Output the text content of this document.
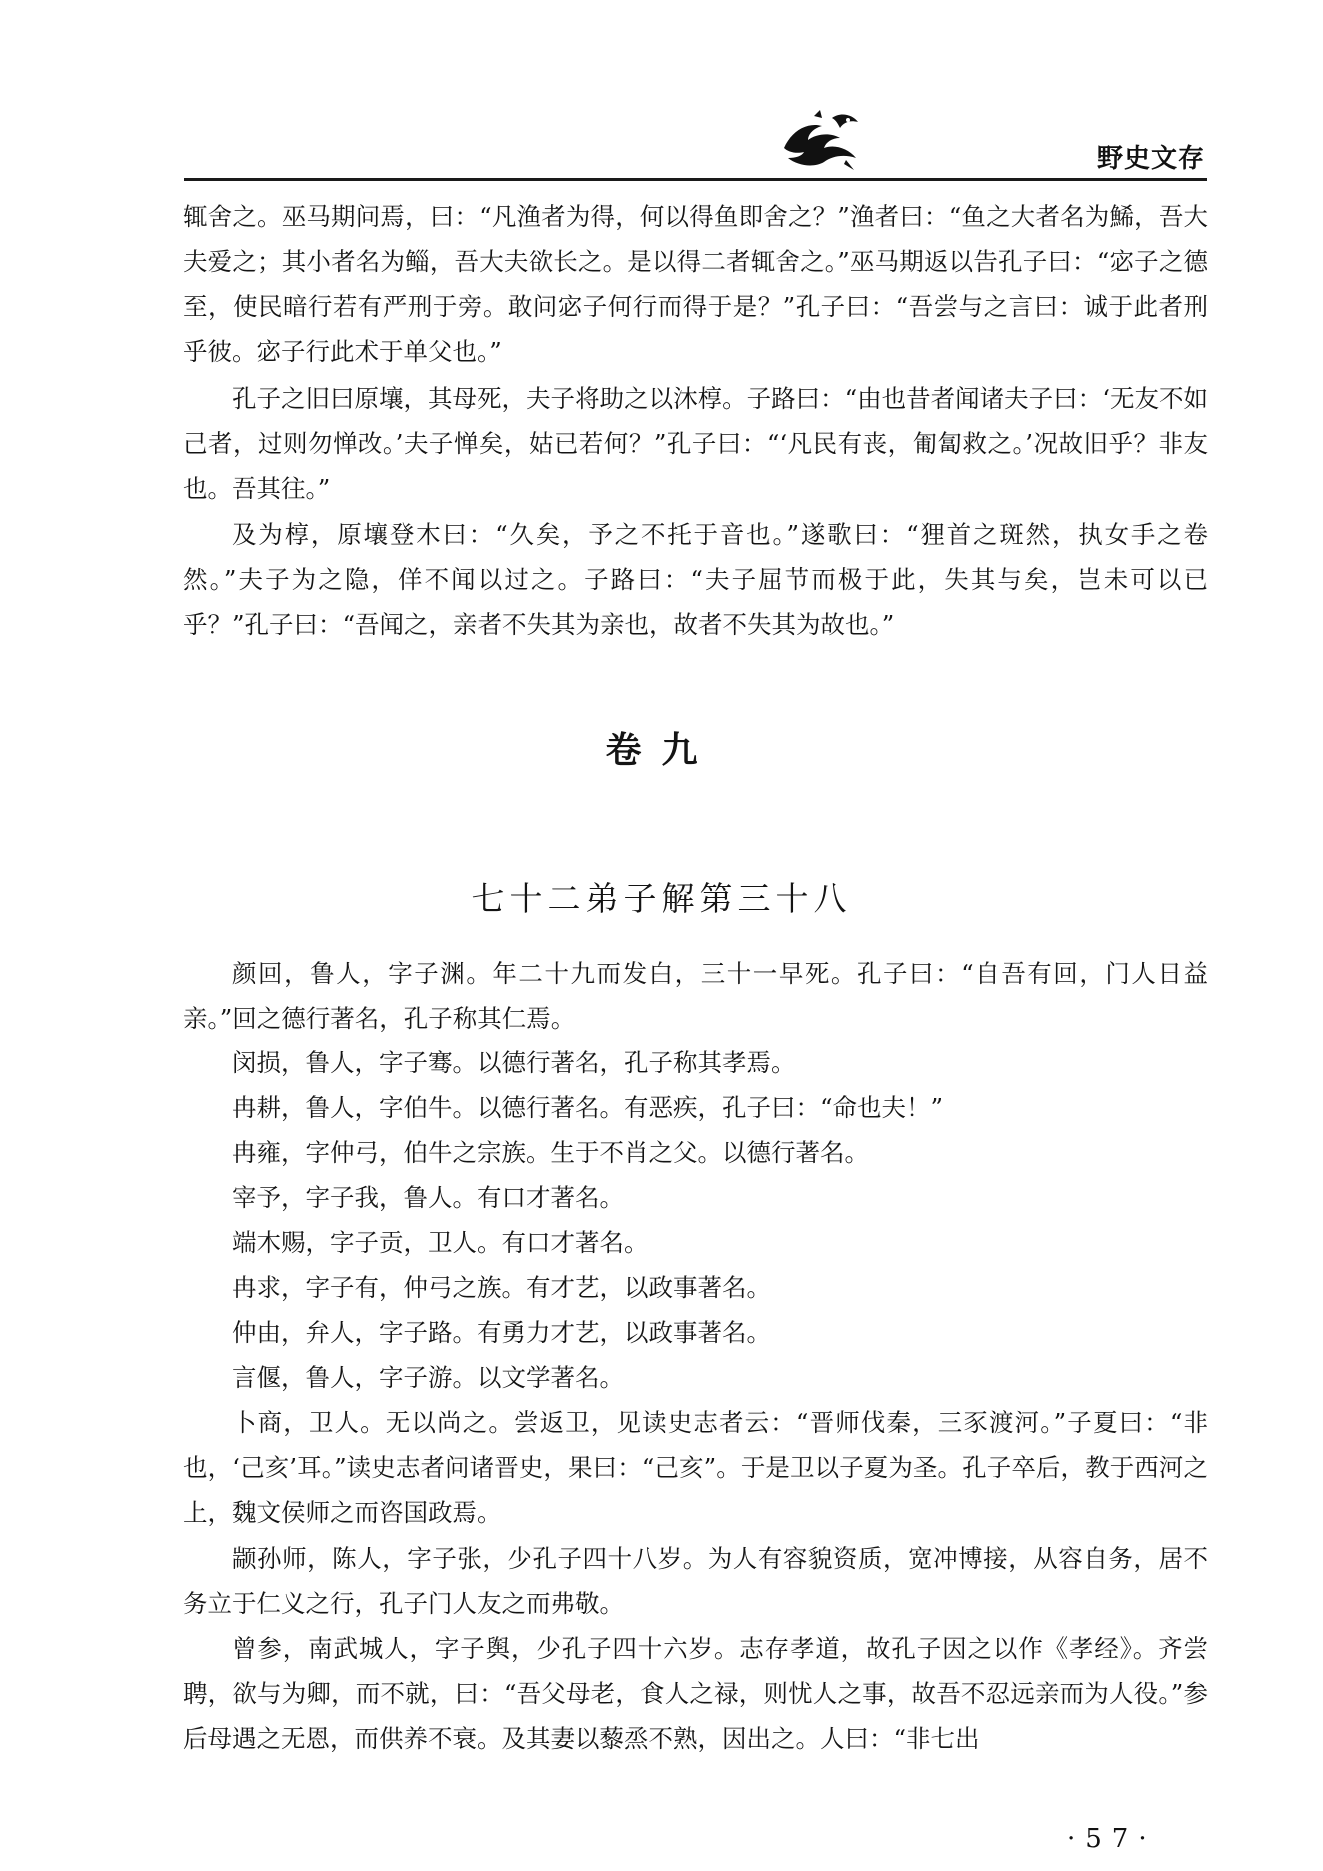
野史文存

辄舍之。巫马期问焉，曰：“凡渔者为得，何以得鱼即舍之？”渔者曰：“鱼之大者名为鯑，吾大夫爱之；其小者名为鲻，吾大夫欲长之。是以得二者辄舍之。”巫马期返以告孔子曰：“宓子之德至，使民暗行若有严刑于旁。敢问宓子何行而得于是？”孔子曰：“吾尝与之言曰：诚于此者刑乎彼。宓子行此术于单父也。”

孔子之旧曰原壤，其母死，夫子将助之以沐椁。子路曰：“由也昔者闻诸夫子曰：‘无友不如己者，过则勿惮改。’夫子惮矣，姑已若何？”孔子曰：“‘凡民有丧，匍匐救之。’况故旧乎？非友也。吾其往。”

及为椁，原壤登木曰：“久矣，予之不托于音也。”遂歌曰：“狸首之斑然，执女手之卷然。”夫子为之隐，佯不闻以过之。子路曰：“夫子屈节而极于此，失其与矣，岂未可以已乎？”孔子曰：“吾闻之，亲者不失其为亲也，故者不失其为故也。”

卷九
七十二弟子解第三十八

颜回，鲁人，字子渊。年二十九而发白，三十一早死。孔子曰：“自吾有回，门人日益亲。”回之德行著名，孔子称其仁焉。

闵损，鲁人，字子骞。以德行著名，孔子称其孝焉。

冉耕，鲁人，字伯牛。以德行著名。有恶疾，孔子曰：“命也夫！”

冉雍，字仲弓，伯牛之宗族。生于不肖之父。以德行著名。

宰予，字子我，鲁人。有口才著名。

端木赐，字子贡，卫人。有口才著名。

冉求，字子有，仲弓之族。有才艺，以政事著名。

仲由，弁人，字子路。有勇力才艺，以政事著名。

言偃，鲁人，字子游。以文学著名。

卜商，卫人。无以尚之。尝返卫，见读史志者云：“晋师伐秦，三豕渡河。”子夏曰：“非也，‘己亥’耳。”读史志者问诸晋史，果曰：“己亥”。于是卫以子夏为圣。孔子卒后，教于西河之上，魏文侯师之而咨国政焉。

颛孙师，陈人，字子张，少孔子四十八岁。为人有容貌资质，宽冲博接，从容自务，居不务立于仁义之行，孔子门人友之而弗敬。

曾参，南武城人，字子舆，少孔子四十六岁。志存孝道，故孔子因之以作《孝经》。齐尝聘，欲与为卿，而不就，曰：“吾父母老，食人之禄，则忧人之事，故吾不忍远亲而为人役。”参后母遇之无恩，而供养不衰。及其妻以藜烝不熟，因出之。人曰：“非七出

·57·
